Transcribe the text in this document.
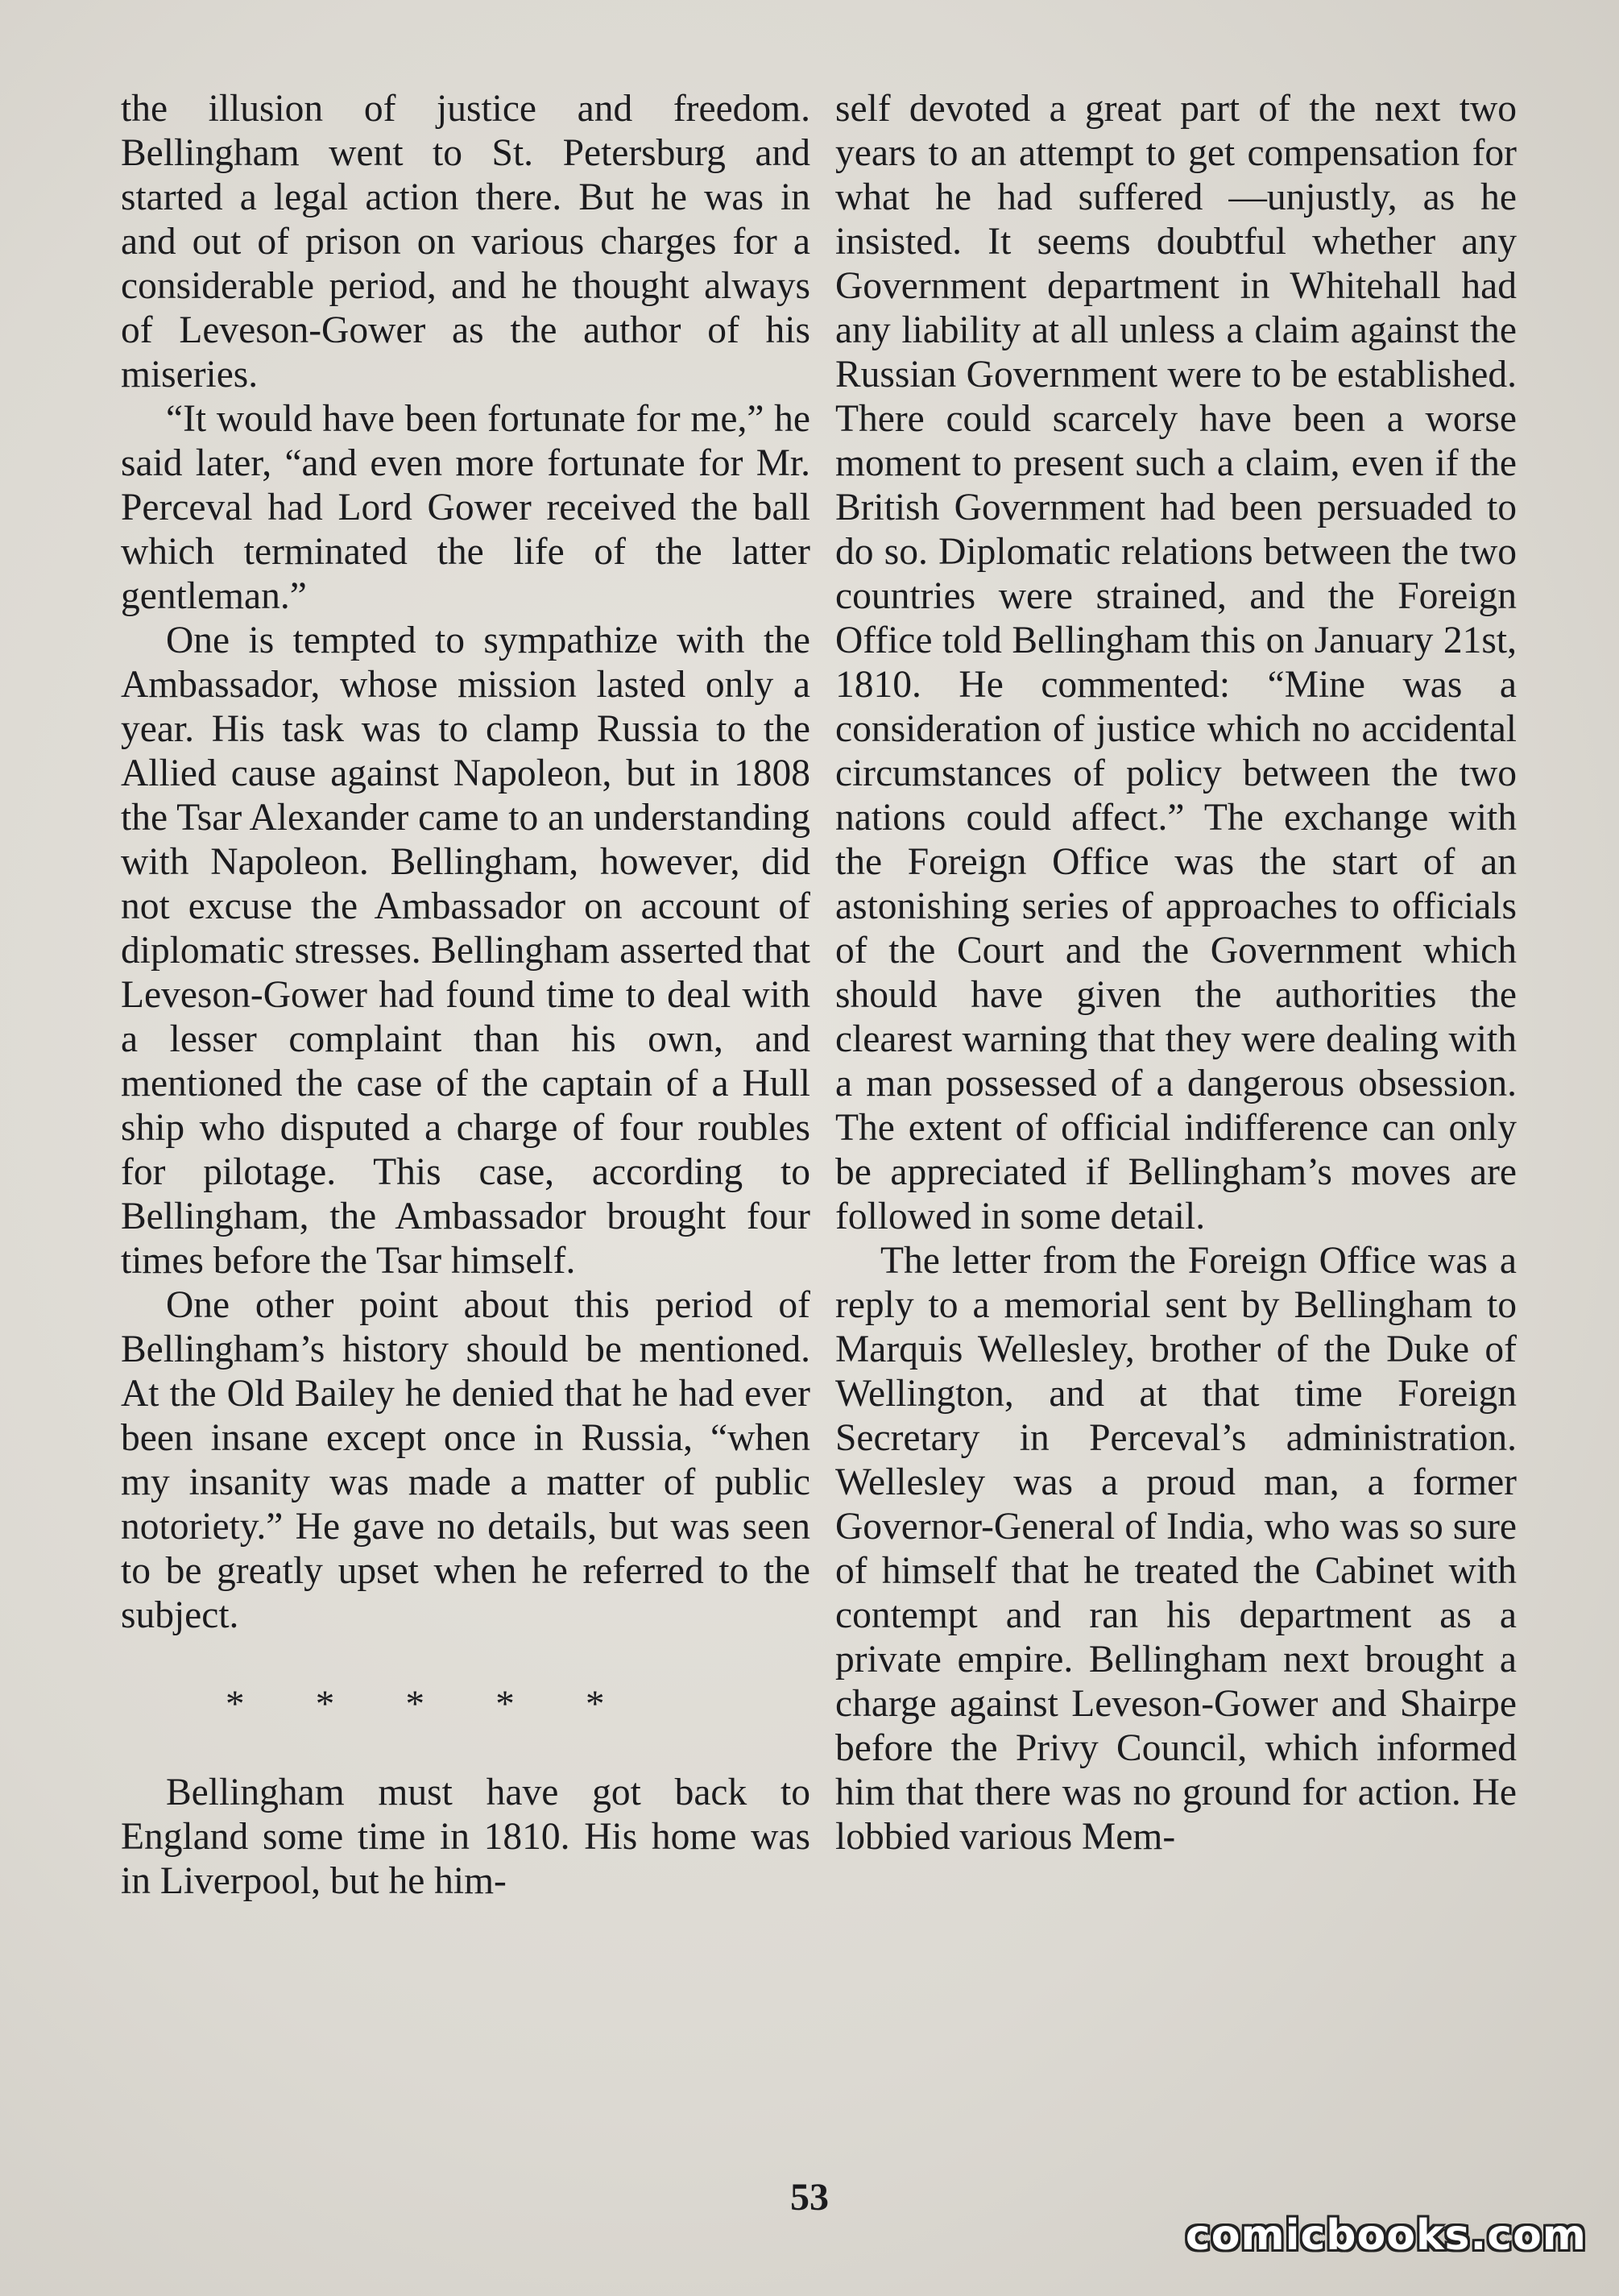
the illusion of justice and freedom. Bellingham went to St. Petersburg and started a legal action there. But he was in and out of prison on various charges for a considerable period, and he thought always of Leveson-Gower as the author of his miseries.

“It would have been fortunate for me,” he said later, “and even more fortunate for Mr. Perceval had Lord Gower received the ball which terminated the life of the latter gentleman.”

One is tempted to sympathize with the Ambassador, whose mission lasted only a year. His task was to clamp Russia to the Allied cause against Napoleon, but in 1808 the Tsar Alexander came to an understanding with Napoleon. Bellingham, however, did not excuse the Ambassador on account of diplomatic stresses. Bellingham asserted that Leveson-Gower had found time to deal with a lesser complaint than his own, and mentioned the case of the captain of a Hull ship who disputed a charge of four roubles for pilotage. This case, according to Bellingham, the Ambassador brought four times before the Tsar himself.

One other point about this period of Bellingham’s history should be mentioned. At the Old Bailey he denied that he had ever been insane except once in Russia, “when my insanity was made a matter of public notoriety.” He gave no details, but was seen to be greatly upset when he referred to the subject.

* * * * *

Bellingham must have got back to England some time in 1810. His home was in Liverpool, but he him-

self devoted a great part of the next two years to an attempt to get compensation for what he had suffered —unjustly, as he insisted. It seems doubtful whether any Government department in Whitehall had any liability at all unless a claim against the Russian Government were to be established. There could scarcely have been a worse moment to present such a claim, even if the British Government had been persuaded to do so. Diplomatic relations between the two countries were strained, and the Foreign Office told Bellingham this on January 21st, 1810. He commented: “Mine was a consideration of justice which no accidental circumstances of policy between the two nations could affect.” The exchange with the Foreign Office was the start of an astonishing series of approaches to officials of the Court and the Government which should have given the authorities the clearest warning that they were dealing with a man possessed of a dangerous obsession. The extent of official indifference can only be appreciated if Bellingham’s moves are followed in some detail.

The letter from the Foreign Office was a reply to a memorial sent by Bellingham to Marquis Wellesley, brother of the Duke of Wellington, and at that time Foreign Secretary in Perceval’s administration. Wellesley was a proud man, a former Governor-General of India, who was so sure of himself that he treated the Cabinet with contempt and ran his department as a private empire. Bellingham next brought a charge against Leveson-Gower and Shairpe before the Privy Council, which informed him that there was no ground for action. He lobbied various Mem-

53
comicbooks.com
